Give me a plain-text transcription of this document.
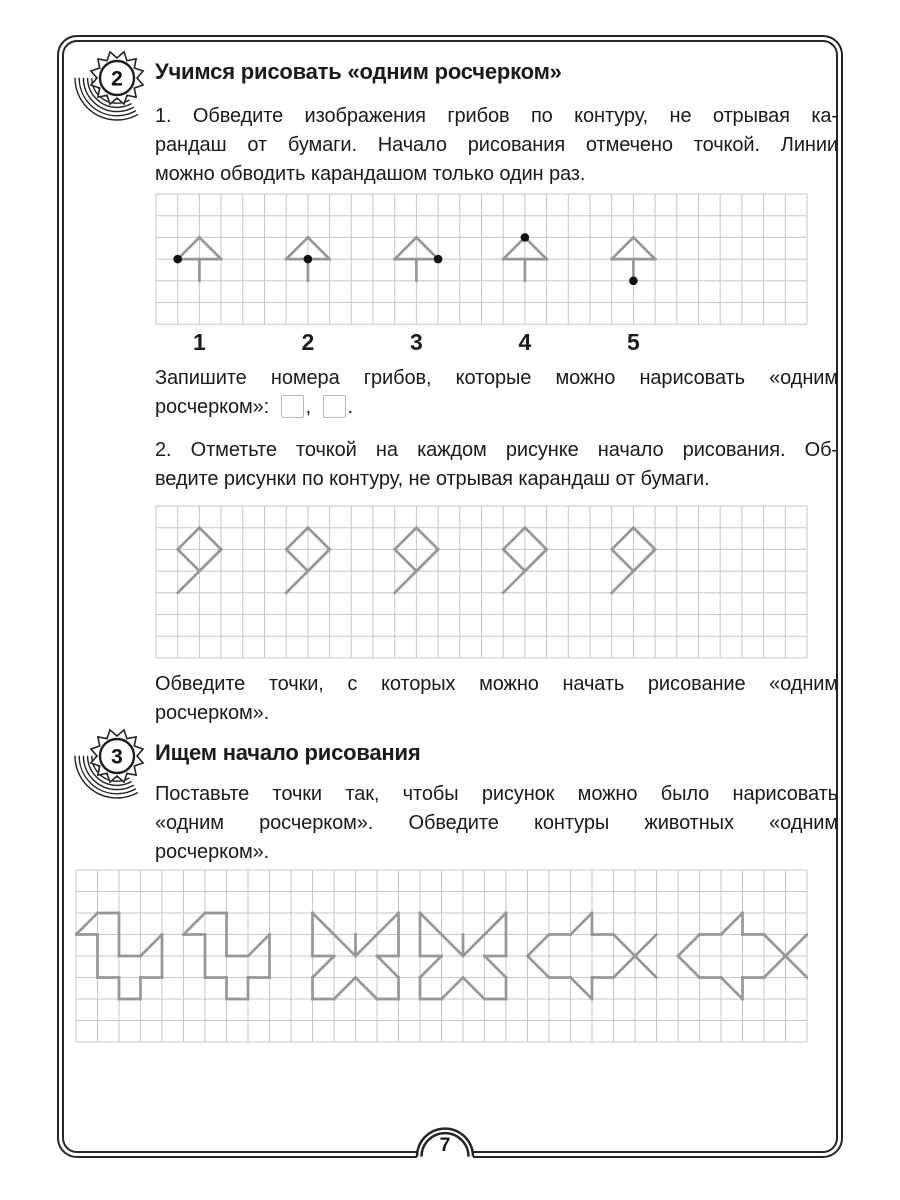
2 Учимся рисовать «одним росчерком»
1. Обведите изображения грибов по контуру, не отрывая ка-
рандаш от бумаги. Начало рисования отмечено точкой. Линии
можно обводить карандашом только один раз.
1	2	3	4	5
Запишите номера грибов, которые можно нарисовать «одним
росчерком»: , .
2. Отметьте точкой на каждом рисунке начало рисования. Об-
ведите рисунки по контуру, не отрывая карандаш от бумаги.
Обведите точки, с которых можно начать рисование «одним
росчерком».
3 Ищем начало рисования
Поставьте точки так, чтобы рисунок можно было нарисовать
«одним росчерком». Обведите контуры животных «одним
росчерком».
7
